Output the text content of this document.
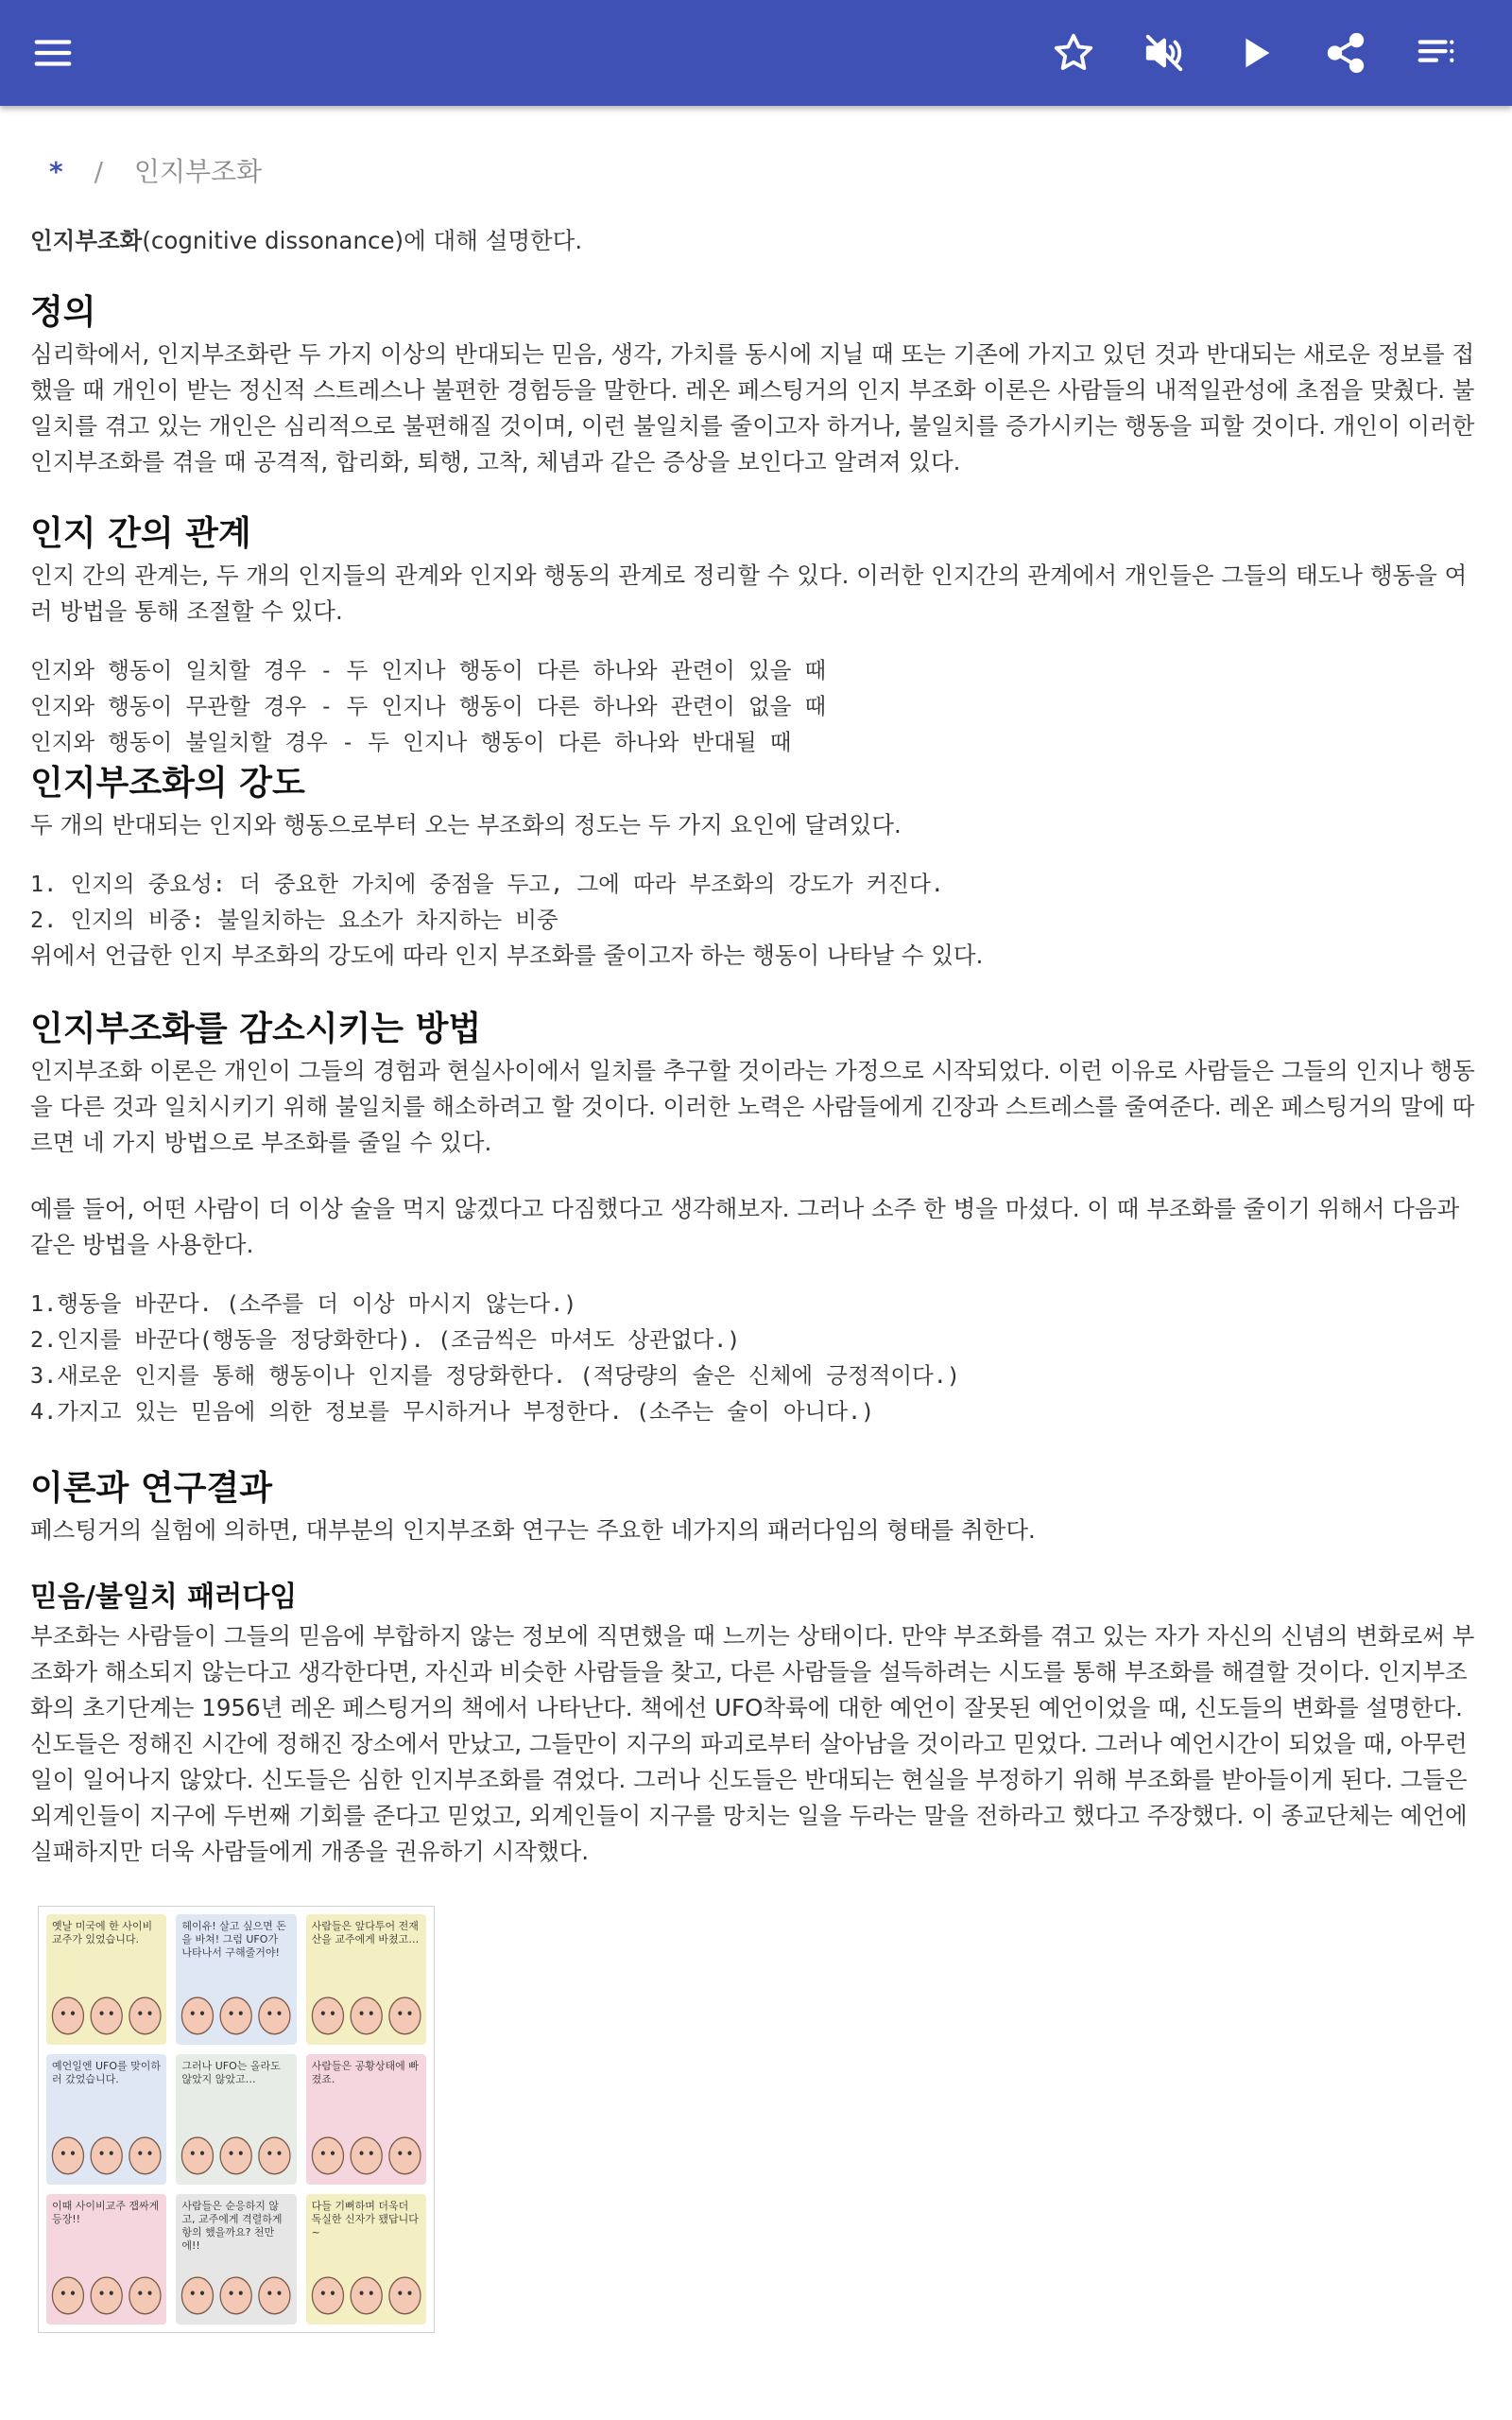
* / 인지부조화

인지부조화(cognitive dissonance)에 대해 설명한다.

정의

심리학에서, 인지부조화란 두 가지 이상의 반대되는 믿음, 생각, 가치를 동시에 지닐 때 또는 기존에 가지고 있던 것과 반대되는 새로운 정보를 접했을 때 개인이 받는 정신적 스트레스나 불편한 경험등을 말한다. 레온 페스팅거의 인지 부조화 이론은 사람들의 내적일관성에 초점을 맞췄다. 불일치를 겪고 있는 개인은 심리적으로 불편해질 것이며, 이런 불일치를 줄이고자 하거나, 불일치를 증가시키는 행동을 피할 것이다. 개인이 이러한 인지부조화를 겪을 때 공격적, 합리화, 퇴행, 고착, 체념과 같은 증상을 보인다고 알려져 있다.

인지 간의 관계

인지 간의 관계는, 두 개의 인지들의 관계와 인지와 행동의 관계로 정리할 수 있다. 이러한 인지간의 관계에서 개인들은 그들의 태도나 행동을 여러 방법을 통해 조절할 수 있다.

인지와 행동이 일치할 경우 - 두 인지나 행동이 다른 하나와 관련이 있을 때
인지와 행동이 무관할 경우 - 두 인지나 행동이 다른 하나와 관련이 없을 때
인지와 행동이 불일치할 경우 - 두 인지나 행동이 다른 하나와 반대될 때
인지부조화의 강도

두 개의 반대되는 인지와 행동으로부터 오는 부조화의 정도는 두 가지 요인에 달려있다.

1. 인지의 중요성: 더 중요한 가치에 중점을 두고, 그에 따라 부조화의 강도가 커진다.
2. 인지의 비중: 불일치하는 요소가 차지하는 비중

위에서 언급한 인지 부조화의 강도에 따라 인지 부조화를 줄이고자 하는 행동이 나타날 수 있다.

인지부조화를 감소시키는 방법

인지부조화 이론은 개인이 그들의 경험과 현실사이에서 일치를 추구할 것이라는 가정으로 시작되었다. 이런 이유로 사람들은 그들의 인지나 행동을 다른 것과 일치시키기 위해 불일치를 해소하려고 할 것이다. 이러한 노력은 사람들에게 긴장과 스트레스를 줄여준다. 레온 페스팅거의 말에 따르면 네 가지 방법으로 부조화를 줄일 수 있다.

예를 들어, 어떤 사람이 더 이상 술을 먹지 않겠다고 다짐했다고 생각해보자. 그러나 소주 한 병을 마셨다. 이 때 부조화를 줄이기 위해서 다음과 같은 방법을 사용한다.

1.행동을 바꾼다. (소주를 더 이상 마시지 않는다.)
2.인지를 바꾼다(행동을 정당화한다). (조금씩은 마셔도 상관없다.)
3.새로운 인지를 통해 행동이나 인지를 정당화한다. (적당량의 술은 신체에 긍정적이다.)
4.가지고 있는 믿음에 의한 정보를 무시하거나 부정한다. (소주는 술이 아니다.)
이론과 연구결과

페스팅거의 실험에 의하면, 대부분의 인지부조화 연구는 주요한 네가지의 패러다임의 형태를 취한다.

믿음/불일치 패러다임

부조화는 사람들이 그들의 믿음에 부합하지 않는 정보에 직면했을 때 느끼는 상태이다. 만약 부조화를 겪고 있는 자가 자신의 신념의 변화로써 부조화가 해소되지 않는다고 생각한다면, 자신과 비슷한 사람들을 찾고, 다른 사람들을 설득하려는 시도를 통해 부조화를 해결할 것이다. 인지부조화의 초기단계는 1956년 레온 페스팅거의 책에서 나타난다. 책에선 UFO착륙에 대한 예언이 잘못된 예언이었을 때, 신도들의 변화를 설명한다. 신도들은 정해진 시간에 정해진 장소에서 만났고, 그들만이 지구의 파괴로부터 살아남을 것이라고 믿었다. 그러나 예언시간이 되었을 때, 아무런 일이 일어나지 않았다. 신도들은 심한 인지부조화를 겪었다. 그러나 신도들은 반대되는 현실을 부정하기 위해 부조화를 받아들이게 된다. 그들은 외계인들이 지구에 두번째 기회를 준다고 믿었고, 외계인들이 지구를 망치는 일을 두라는 말을 전하라고 했다고 주장했다. 이 종교단체는 예언에 실패하지만 더욱 사람들에게 개종을 권유하기 시작했다.

옛날 미국에 한 사이비 교주가 있었습니다.
헤이유! 살고 싶으면 돈을 바쳐! 그럼 UFO가 나타나서 구해줄거야!
사람들은 앞다투어 전재산을 교주에게 바쳤고…
예언일엔 UFO를 맞이하러 갔었습니다.
그러나 UFO는 올라도 않았지 않았고…
사람들은 공황상태에 빠졌죠.
이때 사이비교주 잽싸게 등장!!
사람들은 순응하지 않고, 교주에게 격렬하게 항의 했을까요? 천만에!!
다들 기뻐하며 더욱더 독실한 신자가 됐답니다~
